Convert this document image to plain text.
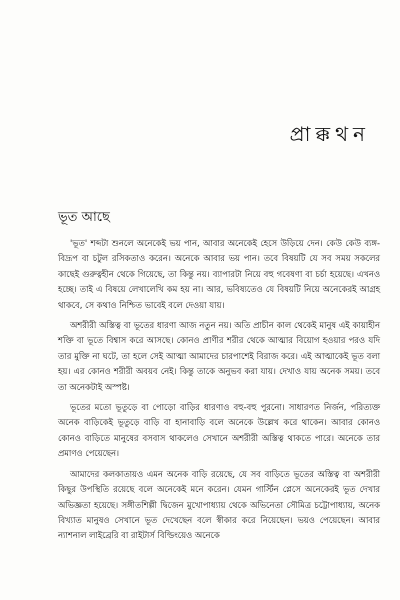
প্রাক্কথন
ভূত আছে

'ভূত' শব্দটা শুনলে অনেকেই ভয় পান, আবার অনেকেই হেসে উড়িয়ে দেন। কেউ কেউ ব্যঙ্গ-বিদ্রূপ বা চটুল রসিকতাও করেন। অনেকে আবার ভয় পান। তবে বিষয়টি যে সব সময় সকলের কাছেই গুরুত্বহীন থেকে গিয়েছে, তা কিন্তু নয়। ব্যাপারটা নিয়ে বহু গবেষণা বা চর্চা হয়েছে। এখনও হচ্ছে। তাই এ বিষয়ে লেখালেখি কম হয় না। আর, ভবিষ্যতেও যে বিষয়টি নিয়ে অনেকেরই আগ্রহ থাকবে, সে কথাও নিশ্চিত ভাবেই বলে দেওয়া যায়।

অশরীরী অস্তিত্ব বা ভূতের ধারণা আজ নতুন নয়। অতি প্রাচীন কাল থেকেই মানুষ এই কায়াহীন শক্তি বা ভূতে বিশ্বাস করে আসছে। কোনও প্রাণীর শরীর থেকে আত্মার বিয়োগ হওয়ার পরও যদি তার মুক্তি না ঘটে, তা হলে সেই আত্মা আমাদের চারপাশেই বিরাজ করে। এই আত্মাকেই ভূত বলা হয়। এর কোনও শরীরী অবয়ব নেই। কিন্তু তাকে অনুভব করা যায়। দেখাও যায় অনেক সময়। তবে তা অনেকটাই অস্পষ্ট।

ভূতের মতো ভূতুড়ে বা পোড়ো বাড়ির ধারণাও বহু-বহু পুরনো। সাধারণত নির্জন, পরিত্যক্ত অনেক বাড়িকেই ভূতুড়ে বাড়ি বা হানাবাড়ি বলে অনেকে উল্লেখ করে থাকেন। আবার কোনও কোনও বাড়িতে মানুষের বসবাস থাকলেও সেখানে অশরীরী অস্তিত্ব থাকতে পারে। অনেকে তার প্রমাণও পেয়েছেন।

আমাদের কলকাতায়ও এমন অনেক বাড়ি রয়েছে, যে সব বাড়িতে ভূতের অস্তিত্ব বা অশরীরী কিছুর উপস্থিতি রয়েছে বলে অনেকেই মনে করেন। যেমন গার্স্টিন প্লেসে অনেকেরই ভূত দেখার অভিজ্ঞতা হয়েছে। সঙ্গীতশিল্পী দ্বিজেন মুখোপাধ্যায় থেকে অভিনেতা সৌমিত্র চট্টোপাধ্যায়, অনেক বিখ্যাত মানুষও সেখানে ভূত দেখেছেন বলে স্বীকার করে নিয়েছেন। ভয়ও পেয়েছেন। আবার ন্যাশনাল লাইব্রেরি বা রাইটার্স বিল্ডিংয়েও অনেকে
